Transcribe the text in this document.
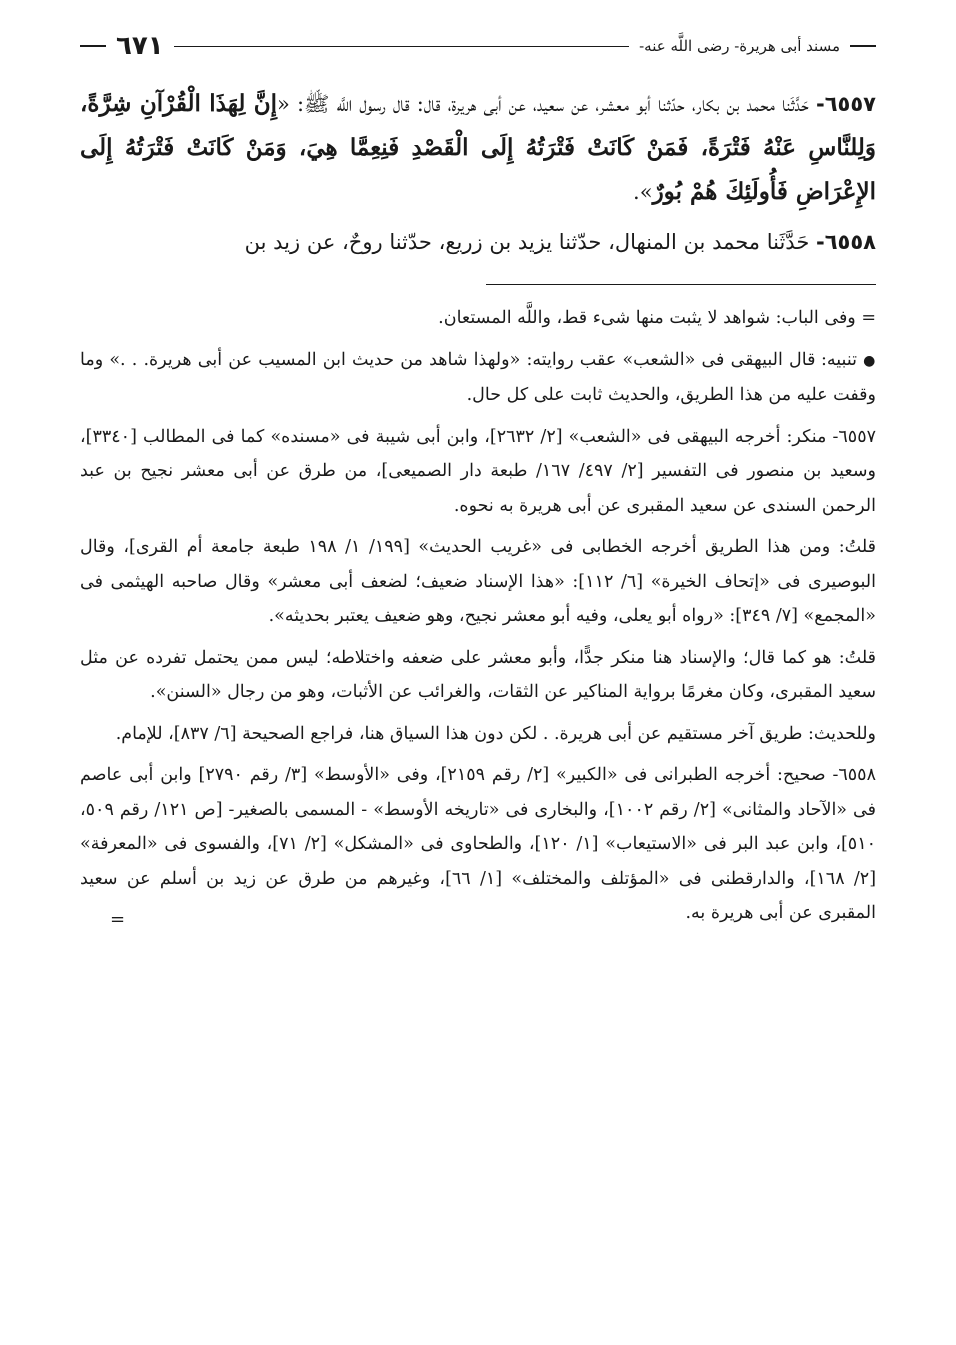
مسند أبى هريرة- رضى اللَّه عنه-
٦٧١

٦٥٥٧- حَدَّثَنا محمد بن بكار، حدّثنا أبو معشر، عن سعيد، عن أبى هريرة، قال: قال رسول اللَّه ﷺ: «إِنَّ لِهَذَا الْقُرْآنِ شِرَّةً، وَلِلنَّاسِ عَنْهُ فَتْرَةً، فَمَنْ كَانَتْ فَتْرَتُهُ إِلَى الْقَصْدِ فَنِعِمَّا هِيَ، وَمَنْ كَانَتْ فَتْرَتُهُ إِلَى الإِعْرَاضِ فَأُولَئِكَ هُمْ بُورٌ».

٦٥٥٨- حَدَّثَنا محمد بن المنهال، حدّثنا يزيد بن زريع، حدّثنا روحٌ، عن زيد بن

= وفى الباب: شواهد لا يثبت منها شىء قط، واللَّه المستعان.

● تنبيه: قال البيهقى فى «الشعب» عقب روايته: «ولهذا شاهد من حديث ابن المسيب عن أبى هريرة. . .» وما وقفت عليه من هذا الطريق، والحديث ثابت على كل حال.

٦٥٥٧- منكر: أخرجه البيهقى فى «الشعب» [٢/ ٢٦٣٢]، وابن أبى شيبة فى «مسنده» كما فى المطالب [٣٣٤٠]، وسعيد بن منصور فى التفسير [٢/ ٤٩٧/ ١٦٧/ طبعة دار الصميعى]، من طرق عن أبى معشر نجيح بن عبد الرحمن السندى عن سعيد المقبرى عن أبى هريرة به نحوه.

قلتُ: ومن هذا الطريق أخرجه الخطابى فى «غريب الحديث» [١٩٩/ ١/ ١٩٨ طبعة جامعة أم القرى]، وقال البوصيرى فى «إتحاف الخيرة» [٦/ ١١٢]: «هذا الإسناد ضعيف؛ لضعف أبى معشر» وقال صاحبه الهيثمى فى «المجمع» [٧/ ٣٤٩]: «رواه أبو يعلى، وفيه أبو معشر نجيح، وهو ضعيف يعتبر بحديثه».

قلتُ: هو كما قال؛ والإسناد هنا منكر جدًّا، وأبو معشر على ضعفه واختلاطه؛ ليس ممن يحتمل تفرده عن مثل سعيد المقبرى، وكان مغرمًا برواية المناكير عن الثقات، والغرائب عن الأثبات، وهو من رجال «السنن».

وللحديث: طريق آخر مستقيم عن أبى هريرة. . لكن دون هذا السياق هنا، فراجع الصحيحة [٦/ ٨٣٧]، للإمام.

٦٥٥٨- صحيح: أخرجه الطبرانى فى «الكبير» [٢/ رقم ٢١٥٩]، وفى «الأوسط» [٣/ رقم ٢٧٩٠] وابن أبى عاصم فى «الآحاد والمثانى» [٢/ رقم ١٠٠٢]، والبخارى فى «تاريخه الأوسط» - المسمى بالصغير- [ص ١٢١/ رقم ٥٠٩، ٥١٠]، وابن عبد البر فى «الاستيعاب» [١/ ١٢٠]، والطحاوى فى «المشكل» [٢/ ٧١]، والفسوى فى «المعرفة» [٢/ ١٦٨]، والدارقطنى فى «المؤتلف والمختلف» [١/ ٦٦]، وغيرهم من طرق عن زيد بن أسلم عن سعيد المقبرى عن أبى هريرة به.

=
